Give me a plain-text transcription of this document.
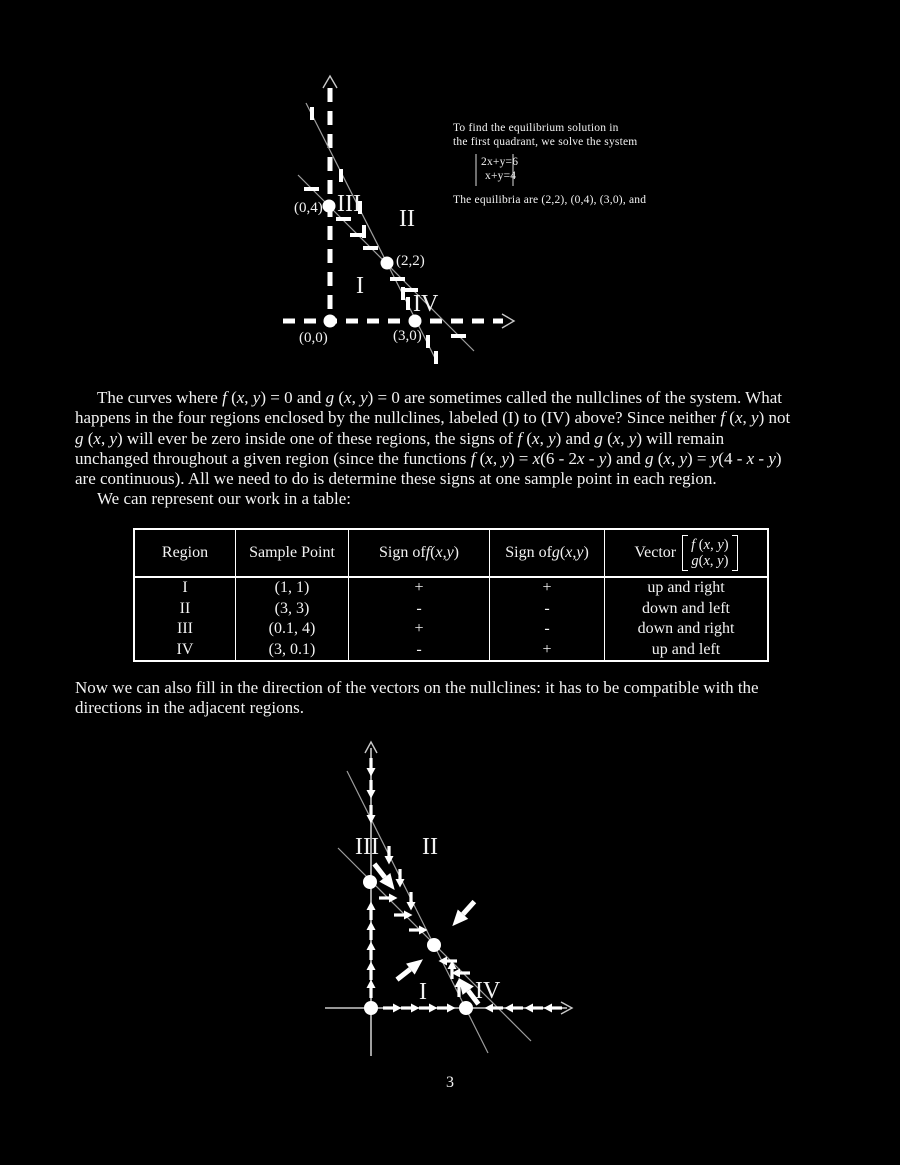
To find the equilibrium solution in
the first quadrant, we solve the system
2x+y=6
x+y=4
The equilibria are (2,2), (0,4), (3,0), and
(0,4)
(2,2)
(0,0)	(3,0)
III
II
I
IV
The curves where f (x, y) = 0 and g (x, y) = 0 are sometimes called the nullclines of the system. What
happens in the four regions enclosed by the nullclines, labeled (I) to (IV) above? Since neither f (x, y) not
g (x, y) will ever be zero inside one of these regions, the signs of f (x, y) and g (x, y) will remain
unchanged throughout a given region (since the functions f (x, y) = x(6 - 2x - y) and g (x, y) = y(4 - x - y)
are continuous). All we need to do is determine these signs at one sample point in each region.
We can represent our work in a table:
Region	Sample Point	Sign of f ( x , y )	Sign of g ( x , y )	Vector f (x, y)
g(x, y)
I	(1, 1)	+	+	up and right
II	(3, 3)	-	-	down and left
III	(0.1, 4)	+	-	down and right
IV	(3, 0.1)	-	+	up and left
Now we can also fill in the direction of the vectors on the nullclines: it has to be compatible with the
directions in the adjacent regions.
III II
I IV
3
